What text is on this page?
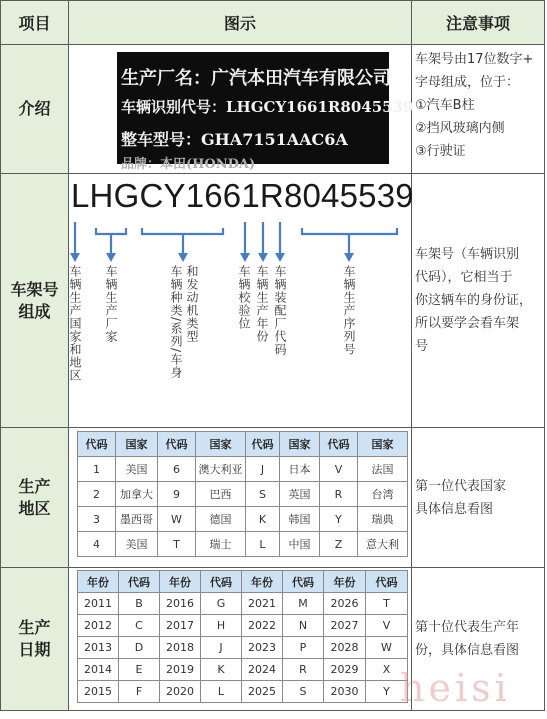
项目	图示	注意事项
介绍	
生产厂名：广汽本田汽车有限公司
车辆识别代号：LHGCY1661R8045539
整车型号：GHA7151AAC6A
品牌：本田(HONDA)

车架号由17位数字+
字母组成，位于：
①汽车B柱
②挡风玻璃内侧
③行驶证

车架号
组成

LHGCY1661R8045539
车辆生产国家和地区 车辆生产厂家	车辆种类/系列/车身 和发动机类型	车辆校验位 车辆生产年份 车辆装配厂代码	车辆生产序列号

车架号（车辆识别
代码），它相当于
你这辆车的身份证，
所以要学会看车架
号

生产
地区

代码	国家	代码	国家	代码	国家	代码	国家
1	美国	6	澳大利亚	J	日本	V	法国
2	加拿大	9	巴西	S	英国	R	台湾
3	墨西哥	W	德国	K	韩国	Y	瑞典
4	美国	T	瑞士	L	中国	Z	意大利

第一位代表国家
具体信息看图

生产
日期

年份	代码	年份	代码	年份	代码	年份	代码
2011	B	2016	G	2021	M	2026	T
2012	C	2017	H	2022	N	2027	V
2013	D	2018	J	2023	P	2028	W
2014	E	2019	K	2024	R	2029	X
2015	F	2020	L	2025	S	2030	Y

第十位代表生产年
份，具体信息看图
heisi
